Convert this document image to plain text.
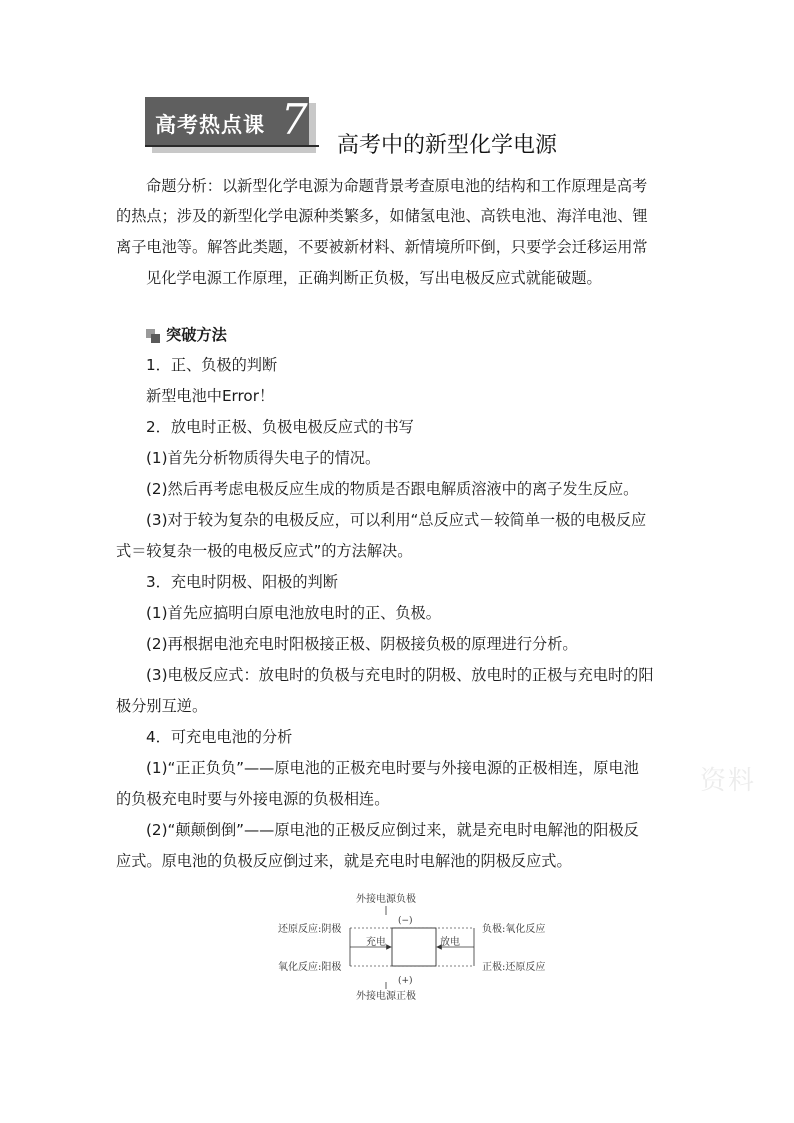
高考热点课 7
高考中的新型化学电源
命题分析：以新型化学电源为命题背景考查原电池的结构和工作原理是高考
的热点；涉及的新型化学电源种类繁多，如储氢电池、高铁电池、海洋电池、锂
离子电池等。解答此类题，不要被新材料、新情境所吓倒，只要学会迁移运用常
见化学电源工作原理，正确判断正负极，写出电极反应式就能破题。
突破方法
1．正、负极的判断
新型电池中Error！
2．放电时正极、负极电极反应式的书写
(1)首先分析物质得失电子的情况。
(2)然后再考虑电极反应生成的物质是否跟电解质溶液中的离子发生反应。
(3)对于较为复杂的电极反应，可以利用“总反应式－较简单一极的电极反应
式＝较复杂一极的电极反应式”的方法解决。
3．充电时阴极、阳极的判断
(1)首先应搞明白原电池放电时的正、负极。
(2)再根据电池充电时阳极接正极、阴极接负极的原理进行分析。
(3)电极反应式：放电时的负极与充电时的阴极、放电时的正极与充电时的阳
极分别互逆。
4．可充电电池的分析
(1)“正正负负”——原电池的正极充电时要与外接电源的正极相连，原电池
的负极充电时要与外接电源的负极相连。
(2)“颠颠倒倒”——原电池的正极反应倒过来，就是充电时电解池的阳极反
应式。原电池的负极反应倒过来，就是充电时电解池的阴极反应式。
资料
外接电源负极
外接电源正极
还原反应:阴极
氧化反应:阳极
负极:氧化反应
正极:还原反应
充电	放电
(−)
(+)
